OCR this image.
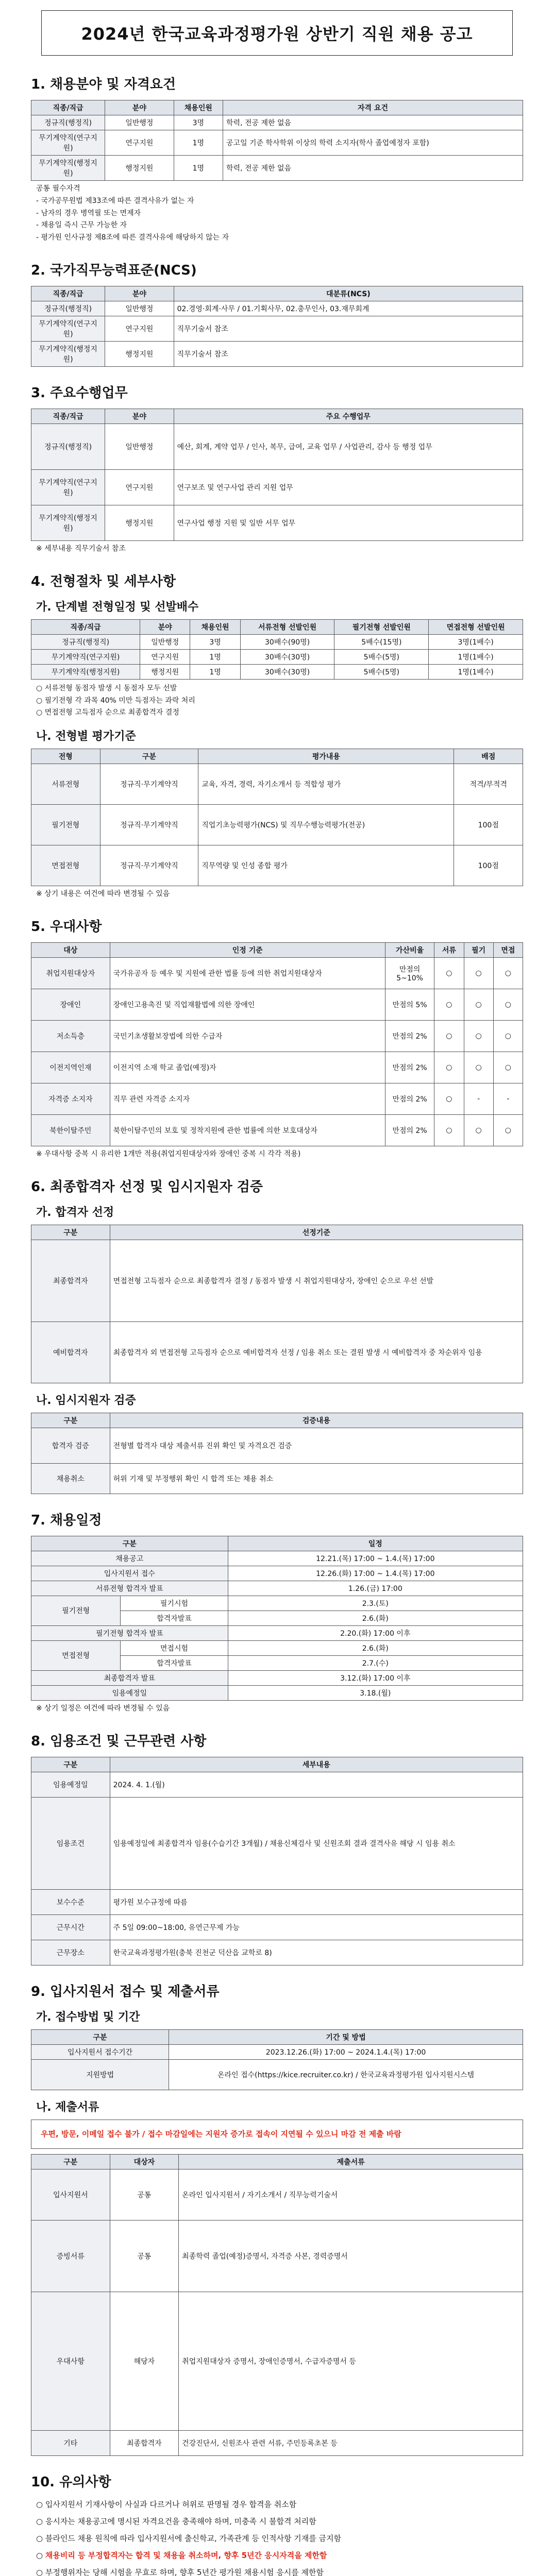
2024년 한국교육과정평가원 상반기 직원 채용 공고
1. 채용분야 및 자격요건
직종/직급	분야	채용인원	자격 요건
정규직(행정직)	일반행정	3명	학력, 전공 제한 없음
무기계약직(연구지원)	연구지원	1명	공고일 기준 학사학위 이상의 학력 소지자(학사 졸업예정자 포함)
무기계약직(행정지원)	행정지원	1명	학력, 전공 제한 없음
공통 필수자격
- 국가공무원법 제33조에 따른 결격사유가 없는 자
- 남자의 경우 병역필 또는 면제자
- 채용일 즉시 근무 가능한 자
- 평가원 인사규정 제8조에 따른 결격사유에 해당하지 않는 자
2. 국가직무능력표준(NCS)
직종/직급	분야	대분류(NCS)
정규직(행정직)	일반행정	02.경영·회계·사무 / 01.기획사무, 02.총무인사, 03.재무회계
무기계약직(연구지원)	연구지원	직무기술서 참조
무기계약직(행정지원)	행정지원	직무기술서 참조
3. 주요수행업무
직종/직급	분야	주요 수행업무
정규직(행정직)	일반행정	예산, 회계, 계약 업무 / 인사, 복무, 급여, 교육 업무 / 사업관리, 감사 등 행정 업무
무기계약직(연구지원)	연구지원	연구보조 및 연구사업 관리 지원 업무
무기계약직(행정지원)	행정지원	연구사업 행정 지원 및 일반 서무 업무
※ 세부내용 직무기술서 참조
4. 전형절차 및 세부사항
가. 단계별 전형일정 및 선발배수
직종/직급	분야	채용인원	서류전형 선발인원	필기전형 선발인원	면접전형 선발인원
정규직(행정직)	일반행정	3명	30배수(90명)	5배수(15명)	3명(1배수)
무기계약직(연구지원)	연구지원	1명	30배수(30명)	5배수(5명)	1명(1배수)
무기계약직(행정지원)	행정지원	1명	30배수(30명)	5배수(5명)	1명(1배수)
○ 서류전형 동점자 발생 시 동점자 모두 선발
○ 필기전형 각 과목 40% 미만 득점자는 과락 처리
○ 면접전형 고득점자 순으로 최종합격자 결정
나. 전형별 평가기준
전형	구분	평가내용	배점
서류전형	정규직·무기계약직	교육, 자격, 경력, 자기소개서 등 적합성 평가	적격/부적격
필기전형	정규직·무기계약직	직업기초능력평가(NCS) 및 직무수행능력평가(전공)	100점
면접전형	정규직·무기계약직	직무역량 및 인성 종합 평가	100점
※ 상기 내용은 여건에 따라 변경될 수 있음
5. 우대사항
대상	인정 기준	가산비율	서류	필기	면접
취업지원대상자	국가유공자 등 예우 및 지원에 관한 법률 등에 의한 취업지원대상자	만점의 5~10%	○	○	○
장애인	장애인고용촉진 및 직업재활법에 의한 장애인	만점의 5%	○	○	○
저소득층	국민기초생활보장법에 의한 수급자	만점의 2%	○	○	○
이전지역인재	이전지역 소재 학교 졸업(예정)자	만점의 2%	○	○	○
자격증 소지자	직무 관련 자격증 소지자	만점의 2%	○	-	-
북한이탈주민	북한이탈주민의 보호 및 정착지원에 관한 법률에 의한 보호대상자	만점의 2%	○	○	○
※ 우대사항 중복 시 유리한 1개만 적용(취업지원대상자와 장애인 중복 시 각각 적용)
6. 최종합격자 선정 및 임시지원자 검증
가. 합격자 선정
구분	선정기준
최종합격자	면접전형 고득점자 순으로 최종합격자 결정 / 동점자 발생 시 취업지원대상자, 장애인 순으로 우선 선발
예비합격자	최종합격자 외 면접전형 고득점자 순으로 예비합격자 선정 / 임용 취소 또는 결원 발생 시 예비합격자 중 차순위자 임용
나. 임시지원자 검증
구분	검증내용
합격자 검증	전형별 합격자 대상 제출서류 진위 확인 및 자격요건 검증
채용취소	허위 기재 및 부정행위 확인 시 합격 또는 채용 취소
7. 채용일정
구분		일정
채용공고		12.21.(목) 17:00 ~ 1.4.(목) 17:00
입사지원서 접수		12.26.(화) 17:00 ~ 1.4.(목) 17:00
서류전형 합격자 발표		1.26.(금) 17:00
필기전형	필기시험	2.3.(토)
	합격자발표	2.6.(화)
필기전형 합격자 발표		2.20.(화) 17:00 이후
면접전형	면접시험	2.6.(화)
	합격자발표	2.7.(수)
최종합격자 발표		3.12.(화) 17:00 이후
임용예정일		3.18.(월)
※ 상기 일정은 여건에 따라 변경될 수 있음
8. 임용조건 및 근무관련 사항
구분	세부내용
임용예정일	2024. 4. 1.(월)
임용조건	임용예정일에 최종합격자 임용(수습기간 3개월) / 채용신체검사 및 신원조회 결과 결격사유 해당 시 임용 취소
보수수준	평가원 보수규정에 따름
근무시간	주 5일 09:00~18:00, 유연근무제 가능
근무장소	한국교육과정평가원(충북 진천군 덕산읍 교학로 8)
9. 입사지원서 접수 및 제출서류
가. 접수방법 및 기간
구분	기간 및 방법
입사지원서 접수기간	2023.12.26.(화) 17:00 ~ 2024.1.4.(목) 17:00
지원방법	온라인 접수(https://kice.recruiter.co.kr) / 한국교육과정평가원 입사지원시스템
나. 제출서류
우편, 방문, 이메일 접수 불가 / 접수 마감일에는 지원자 증가로 접속이 지연될 수 있으니 마감 전 제출 바람
구분	대상자	제출서류
입사지원서	공통	온라인 입사지원서 / 자기소개서 / 직무능력기술서
증빙서류	공통	최종학력 졸업(예정)증명서, 자격증 사본, 경력증명서
우대사항	해당자	취업지원대상자 증명서, 장애인증명서, 수급자증명서 등
기타	최종합격자	건강진단서, 신원조사 관련 서류, 주민등록초본 등
10. 유의사항

○ 입사지원서 기재사항이 사실과 다르거나 허위로 판명될 경우 합격을 취소함

○ 응시자는 채용공고에 명시된 자격요건을 충족해야 하며, 미충족 시 불합격 처리함

○ 블라인드 채용 원칙에 따라 입사지원서에 출신학교, 가족관계 등 인적사항 기재를 금지함

○ 채용비리 등 부정합격자는 합격 및 채용을 취소하며, 향후 5년간 응시자격을 제한함

○ 부정행위자는 당해 시험을 무효로 하며, 향후 5년간 평가원 채용시험 응시를 제한함
